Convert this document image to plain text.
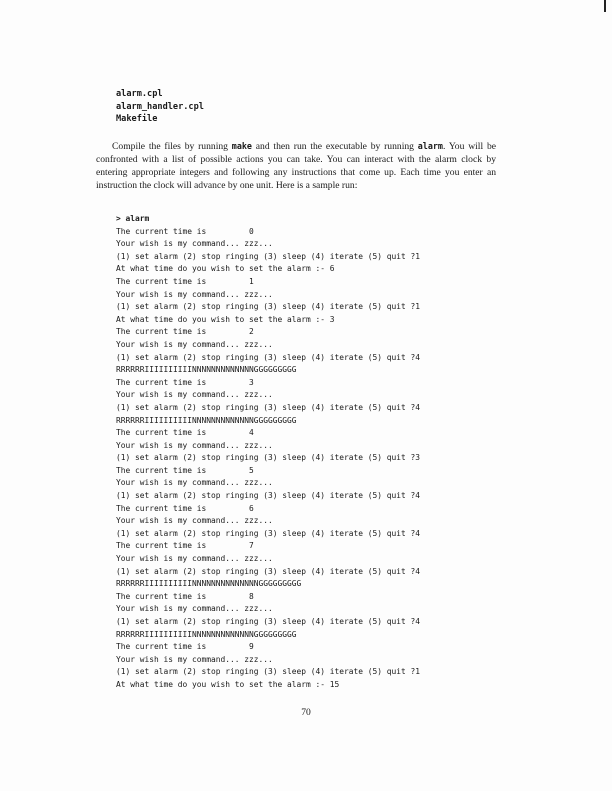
alarm.cpl
alarm_handler.cpl
Makefile

Compile the files by running make and then run the executable by running alarm. You will be confronted with a list of possible actions you can take. You can interact with the alarm clock by entering appropriate integers and following any instructions that come up. Each time you enter an instruction the clock will advance by one unit. Here is a sample run:

> alarm
The current time is         0
Your wish is my command... zzz...
(1) set alarm (2) stop ringing (3) sleep (4) iterate (5) quit ?1
At what time do you wish to set the alarm :- 6
The current time is         1
Your wish is my command... zzz...
(1) set alarm (2) stop ringing (3) sleep (4) iterate (5) quit ?1
At what time do you wish to set the alarm :- 3
The current time is         2
Your wish is my command... zzz...
(1) set alarm (2) stop ringing (3) sleep (4) iterate (5) quit ?4
RRRRRRIIIIIIIIIINNNNNNNNNNNNNGGGGGGGGG
The current time is         3
Your wish is my command... zzz...
(1) set alarm (2) stop ringing (3) sleep (4) iterate (5) quit ?4
RRRRRRIIIIIIIIIINNNNNNNNNNNNNGGGGGGGGG
The current time is         4
Your wish is my command... zzz...
(1) set alarm (2) stop ringing (3) sleep (4) iterate (5) quit ?3
The current time is         5
Your wish is my command... zzz...
(1) set alarm (2) stop ringing (3) sleep (4) iterate (5) quit ?4
The current time is         6
Your wish is my command... zzz...
(1) set alarm (2) stop ringing (3) sleep (4) iterate (5) quit ?4
The current time is         7
Your wish is my command... zzz...
(1) set alarm (2) stop ringing (3) sleep (4) iterate (5) quit ?4
RRRRRRIIIIIIIIIINNNNNNNNNNNNNNGGGGGGGGG
The current time is         8
Your wish is my command... zzz...
(1) set alarm (2) stop ringing (3) sleep (4) iterate (5) quit ?4
RRRRRRIIIIIIIIIINNNNNNNNNNNNNGGGGGGGGG
The current time is         9
Your wish is my command... zzz...
(1) set alarm (2) stop ringing (3) sleep (4) iterate (5) quit ?1
At what time do you wish to set the alarm :- 15
70
